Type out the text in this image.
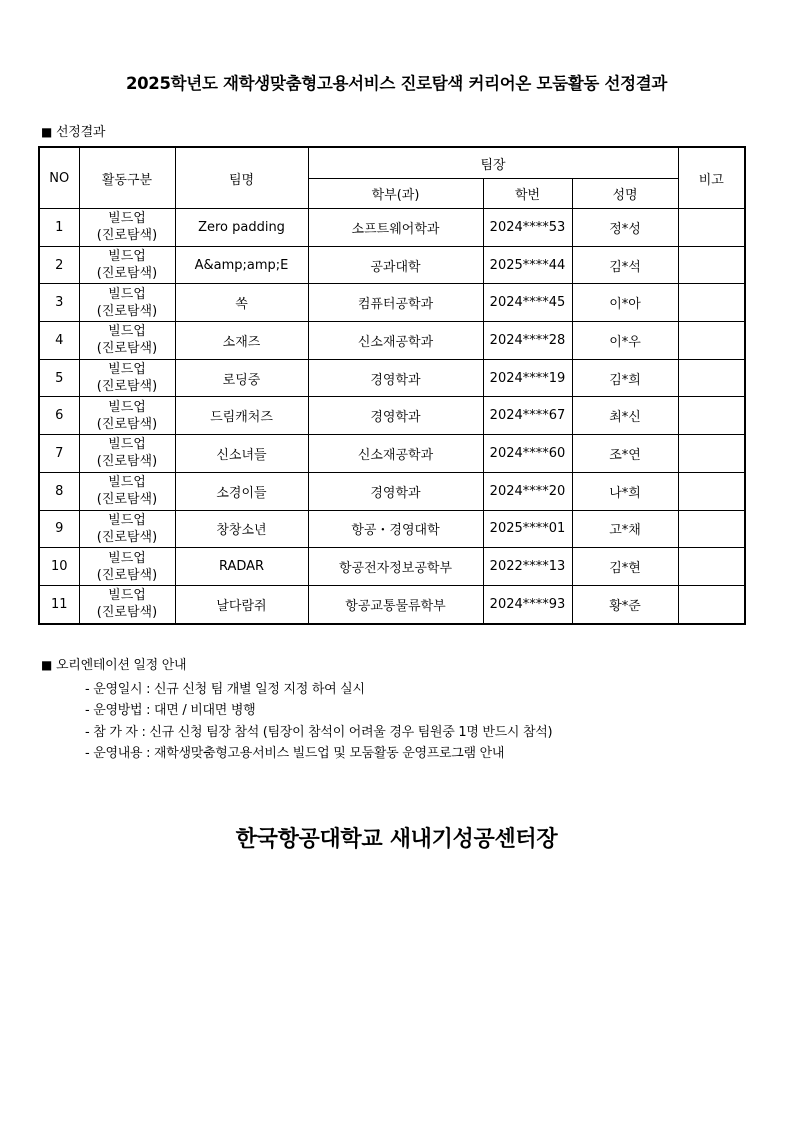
2025학년도 재학생맞춤형고용서비스 진로탐색 커리어온 모둠활동 선정결과
■ 선정결과
NO	활동구분	팀명	팀장			비고
			학부(과)	학번	성명	
1	빌드업
(진로탐색)	Zero padding	소프트웨어학과	2024****53	정*성	
2	빌드업
(진로탐색)	A&amp;amp;E	공과대학	2025****44	김*석	
3	빌드업
(진로탐색)	쏙	컴퓨터공학과	2024****45	이*아	
4	빌드업
(진로탐색)	소재즈	신소재공학과	2024****28	이*우	
5	빌드업
(진로탐색)	로딩중	경영학과	2024****19	김*희	
6	빌드업
(진로탐색)	드림캐처즈	경영학과	2024****67	최*신	
7	빌드업
(진로탐색)	신소녀들	신소재공학과	2024****60	조*연	
8	빌드업
(진로탐색)	소경이들	경영학과	2024****20	나*희	
9	빌드업
(진로탐색)	창창소년	항공・경영대학	2025****01	고*채	
10	빌드업
(진로탐색)	RADAR	항공전자정보공학부	2022****13	김*현	
11	빌드업
(진로탐색)	날다람쥐	항공교통물류학부	2024****93	황*준	
■ 오리엔테이션 일정 안내
- 운영일시 : 신규 신청 팀 개별 일정 지정 하여 실시
- 운영방법 : 대면 / 비대면 병행
- 참 가 자 : 신규 신청 팀장 참석 (팀장이 참석이 어려울 경우 팀원중 1명 반드시 참석)
- 운영내용 : 재학생맞춤형고용서비스 빌드업 및 모둠활동 운영프로그램 안내
한국항공대학교 새내기성공센터장
